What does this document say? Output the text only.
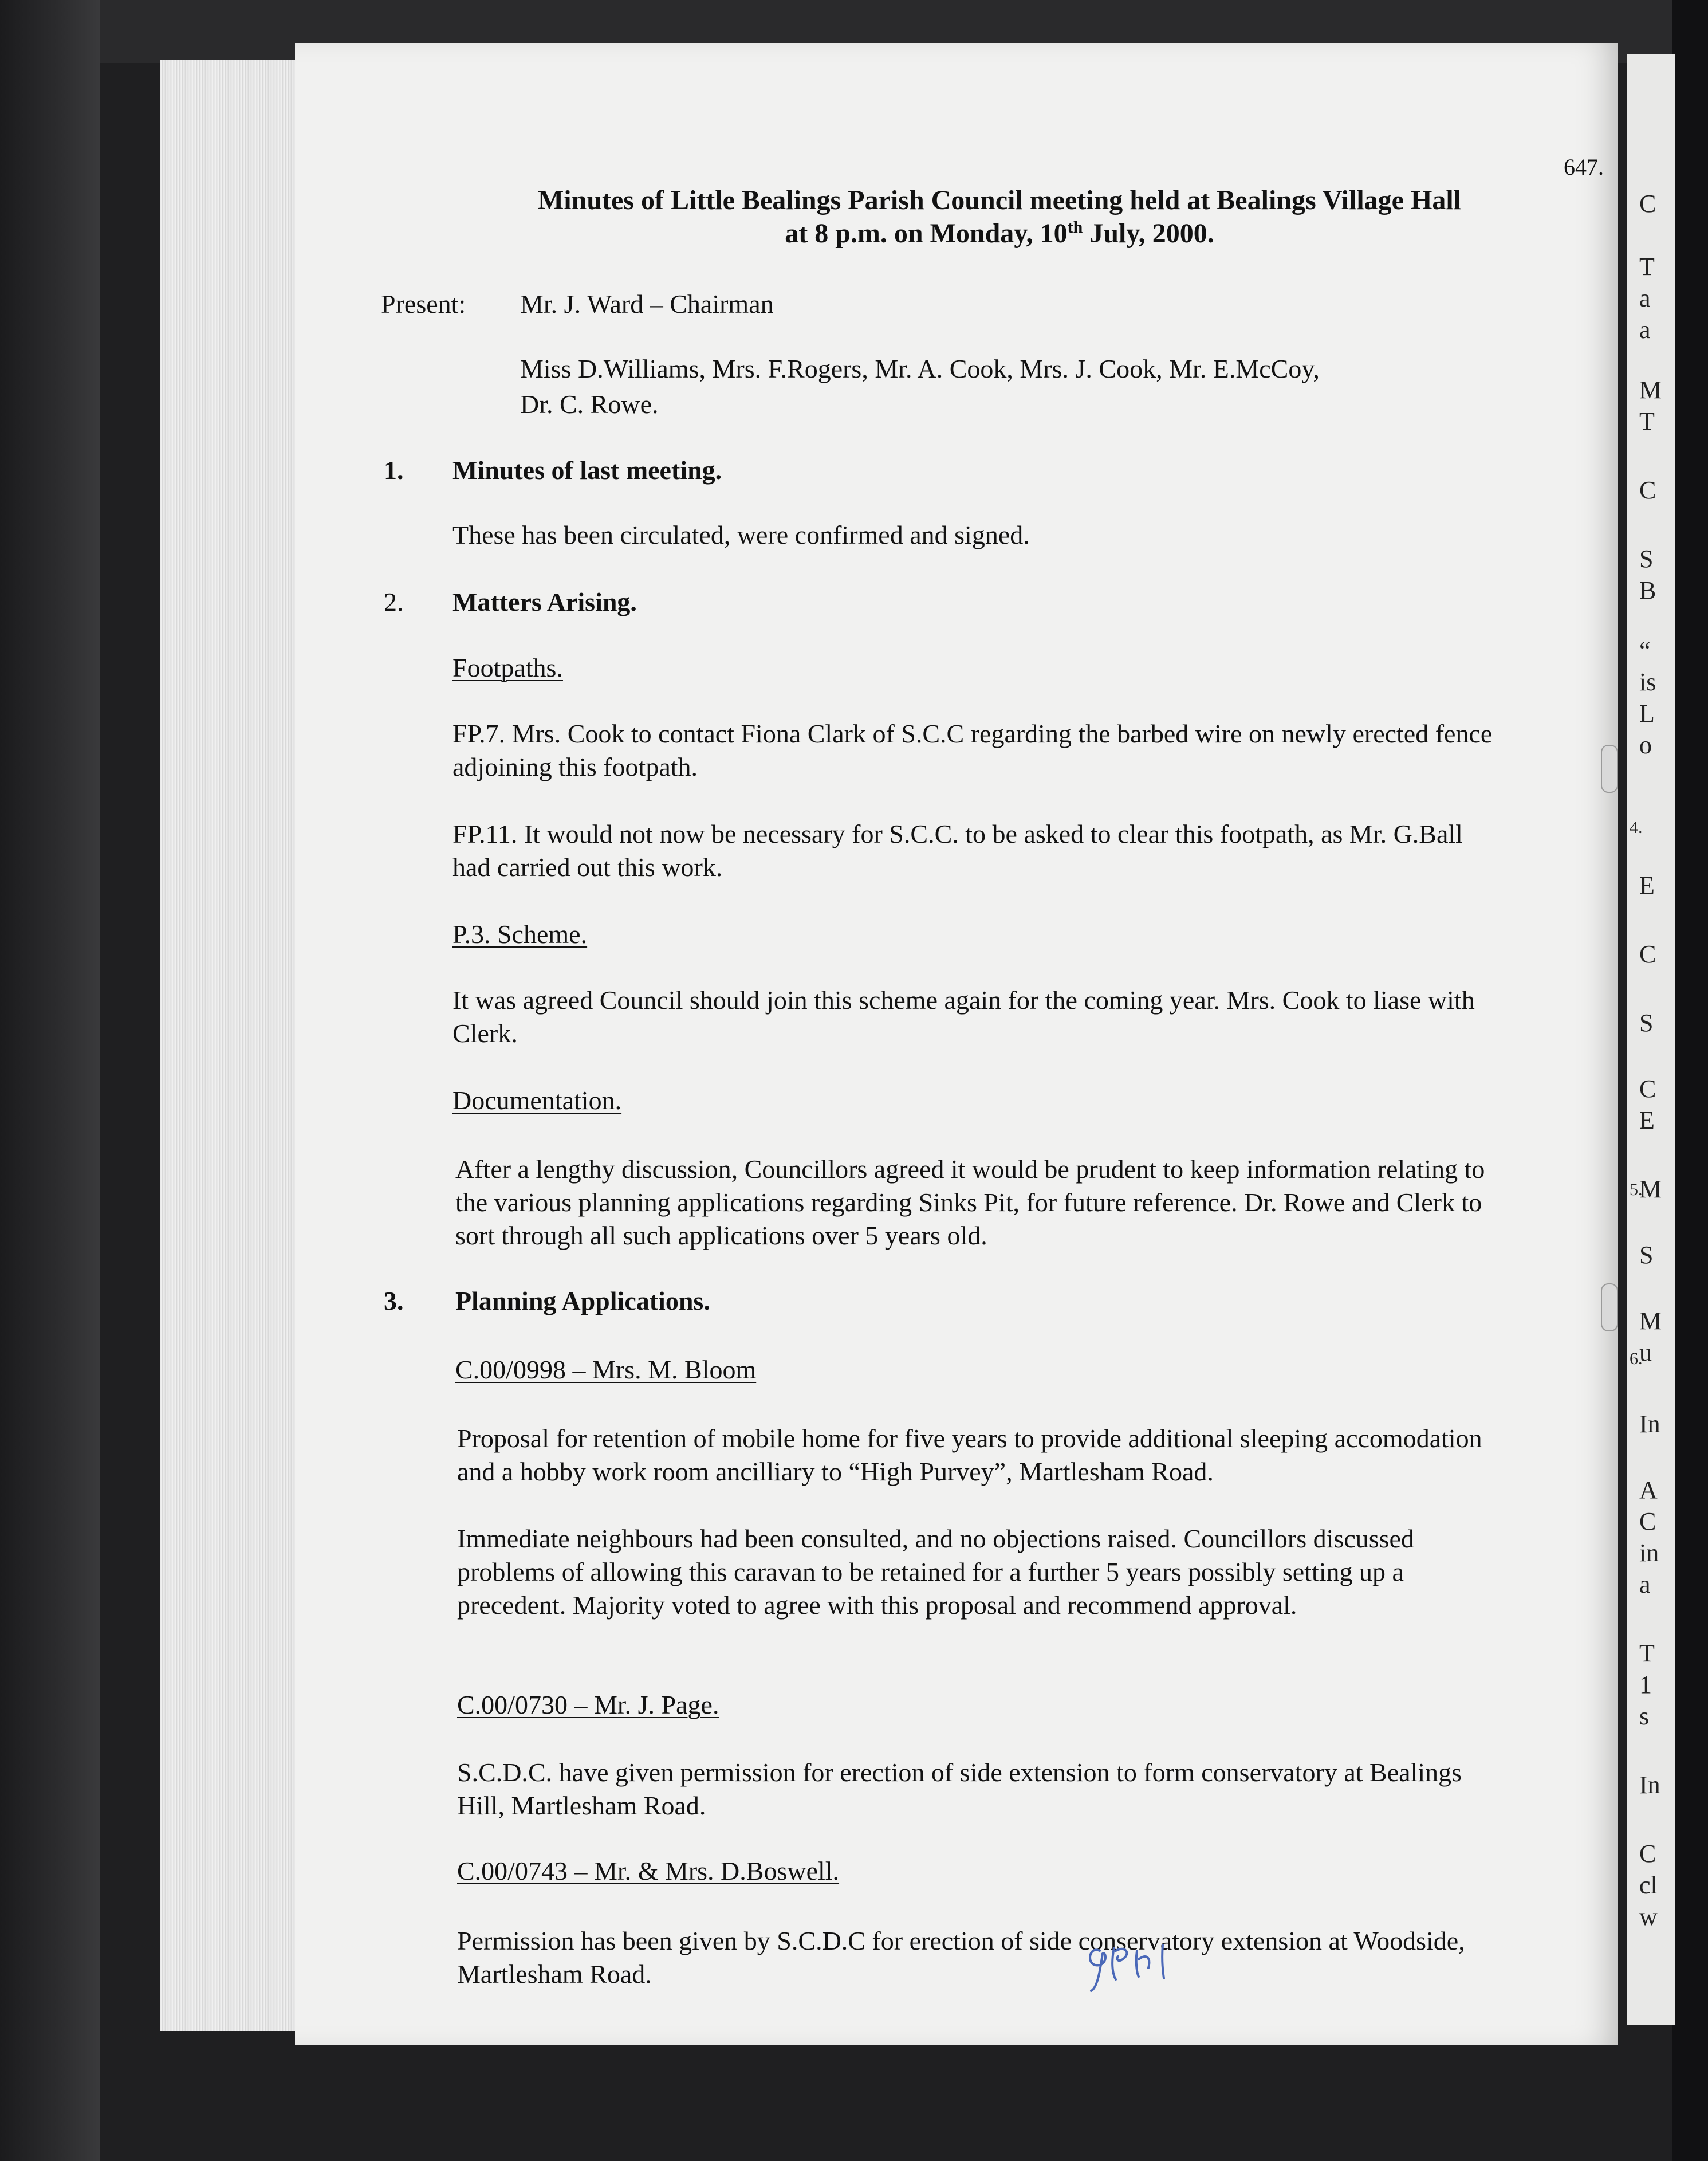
C
T
a
a
M
T
C
S
B
“
is
L
o
E
C
S
C
E
M
S
M
u
In
A
C
in
a
T
1
s
In
C
cl
w
4.
5.
6.
647.
Minutes of Little Bealings Parish Council meeting held at Bealings Village Hall
at 8 p.m. on Monday, 10th July, 2000.
Present: Mr. J. Ward – Chairman
Miss D.Williams, Mrs. F.Rogers, Mr. A. Cook, Mrs. J. Cook, Mr. E.McCoy,
Dr. C. Rowe.
1. Minutes of last meeting.
These has been circulated, were confirmed and signed.
2. Matters Arising.
Footpaths.
FP.7. Mrs. Cook to contact Fiona Clark of S.C.C regarding the barbed wire on newly erected fence
adjoining this footpath.
FP.11. It would not now be necessary for S.C.C. to be asked to clear this footpath, as Mr. G.Ball
had carried out this work.
P.3. Scheme.
It was agreed Council should join this scheme again for the coming year. Mrs. Cook to liase with
Clerk.
Documentation.
After a lengthy discussion, Councillors agreed it would be prudent to keep information relating to
the various planning applications regarding Sinks Pit, for future reference. Dr. Rowe and Clerk to
sort through all such applications over 5 years old.
3. Planning Applications.
C.00/0998 – Mrs. M. Bloom
Proposal for retention of mobile home for five years to provide additional sleeping accomodation
and a hobby work room ancilliary to “High Purvey”, Martlesham Road.
Immediate neighbours had been consulted, and no objections raised. Councillors discussed
problems of allowing this caravan to be retained for a further 5 years possibly setting up a
precedent. Majority voted to agree with this proposal and recommend approval.
C.00/0730 – Mr. J. Page.
S.C.D.C. have given permission for erection of side extension to form conservatory at Bealings
Hill, Martlesham Road.
C.00/0743 – Mr. & Mrs. D.Boswell.
Permission has been given by S.C.D.C for erection of side conservatory extension at Woodside,
Martlesham Road.
